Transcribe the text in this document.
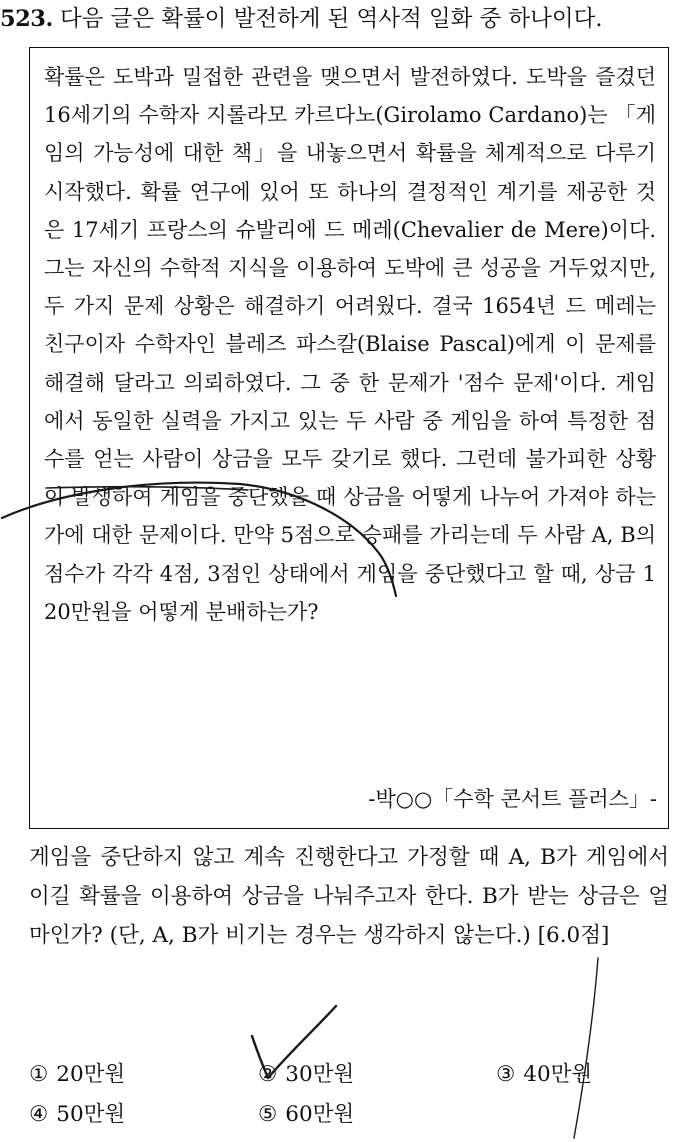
523. 다음 글은 확률이 발전하게 된 역사적 일화 중 하나이다.
확률은 도박과 밀접한 관련을 맺으면서 발전하였다. 도박을 즐겼던 16세기의 수학자 지롤라모 카르다노(Girolamo Cardano)는 「게임의 가능성에 대한 책」을 내놓으면서 확률을 체계적으로 다루기 시작했다. 확률 연구에 있어 또 하나의 결정적인 계기를 제공한 것은 17세기 프랑스의 슈발리에 드 메레(Chevalier de Mere)이다. 그는 자신의 수학적 지식을 이용하여 도박에 큰 성공을 거두었지만, 두 가지 문제 상황은 해결하기 어려웠다. 결국 1654년 드 메레는 친구이자 수학자인 블레즈 파스칼(Blaise Pascal)에게 이 문제를 해결해 달라고 의뢰하였다. 그 중 한 문제가 '점수 문제'이다. 게임에서 동일한 실력을 가지고 있는 두 사람 중 게임을 하여 특정한 점수를 얻는 사람이 상금을 모두 갖기로 했다. 그런데 불가피한 상황이 발생하여 게임을 중단했을 때 상금을 어떻게 나누어 가져야 하는가에 대한 문제이다. 만약 5점으로 승패를 가리는데 두 사람 A, B의 점수가 각각 4점, 3점인 상태에서 게임을 중단했다고 할 때, 상금 120만원을 어떻게 분배하는가?
-박○○「수학 콘서트 플러스」-
게임을 중단하지 않고 계속 진행한다고 가정할 때 A, B가 게임에서 이길 확률을 이용하여 상금을 나눠주고자 한다. B가 받는 상금은 얼마인가? (단, A, B가 비기는 경우는 생각하지 않는다.) [6.0점]
① 20만원	② 30만원	③ 40만원
④ 50만원	⑤ 60만원
